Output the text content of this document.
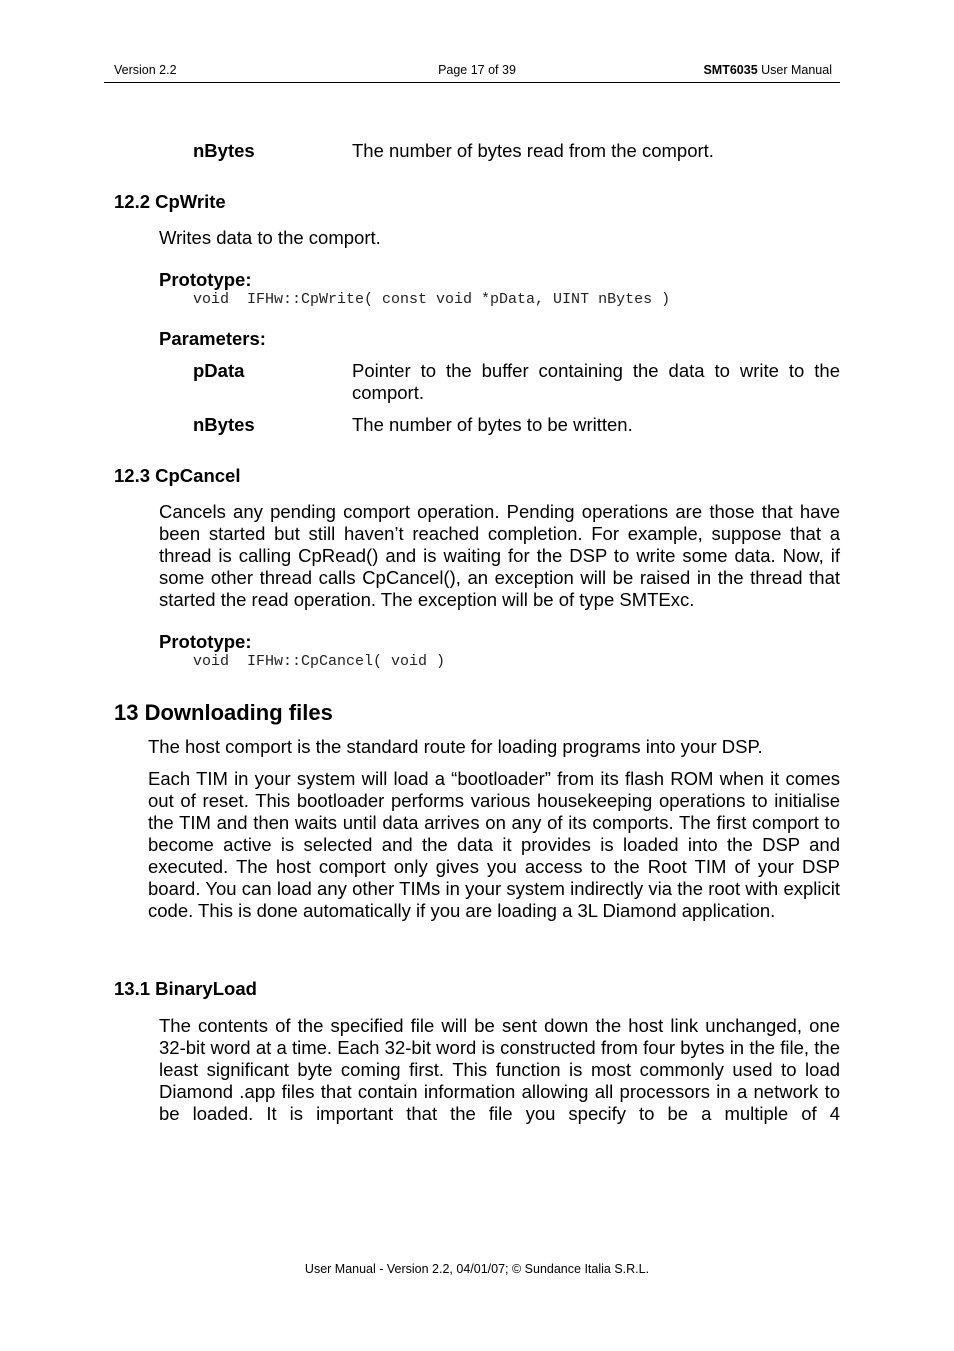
Version 2.2	Page 17 of 39	SMT6035 User Manual
nBytes	The number of bytes read from the comport.
12.2 CpWrite
Writes data to the comport.
Prototype:
void  IFHw::CpWrite( const void *pData, UINT nBytes )
Parameters:
pData	Pointer to the buffer containing the data to write to the comport.
nBytes	The number of bytes to be written.
12.3 CpCancel
Cancels any pending comport operation. Pending operations are those that have been started but still haven’t reached completion. For example, suppose that a thread is calling CpRead() and is waiting for the DSP to write some data. Now, if some other thread calls CpCancel(), an exception will be raised in the thread that started the read operation. The exception will be of type SMTExc.
Prototype:
void  IFHw::CpCancel( void )
13 Downloading files
The host comport is the standard route for loading programs into your DSP.
Each TIM in your system will load a “bootloader” from its flash ROM when it comes out of reset. This bootloader performs various housekeeping operations to initialise the TIM and then waits until data arrives on any of its comports. The first comport to become active is selected and the data it provides is loaded into the DSP and executed. The host comport only gives you access to the Root TIM of your DSP board. You can load any other TIMs in your system indirectly via the root with explicit code. This is done automatically if you are loading a 3L Diamond application.
13.1 BinaryLoad
The contents of the specified file will be sent down the host link unchanged, one 32-bit word at a time. Each 32-bit word is constructed from four bytes in the file, the least significant byte coming first. This function is most commonly used to load Diamond .app files that contain information allowing all processors in a network to be loaded. It is important that the file you specify to be a multiple of 4
User Manual - Version 2.2, 04/01/07; © Sundance Italia S.R.L.
